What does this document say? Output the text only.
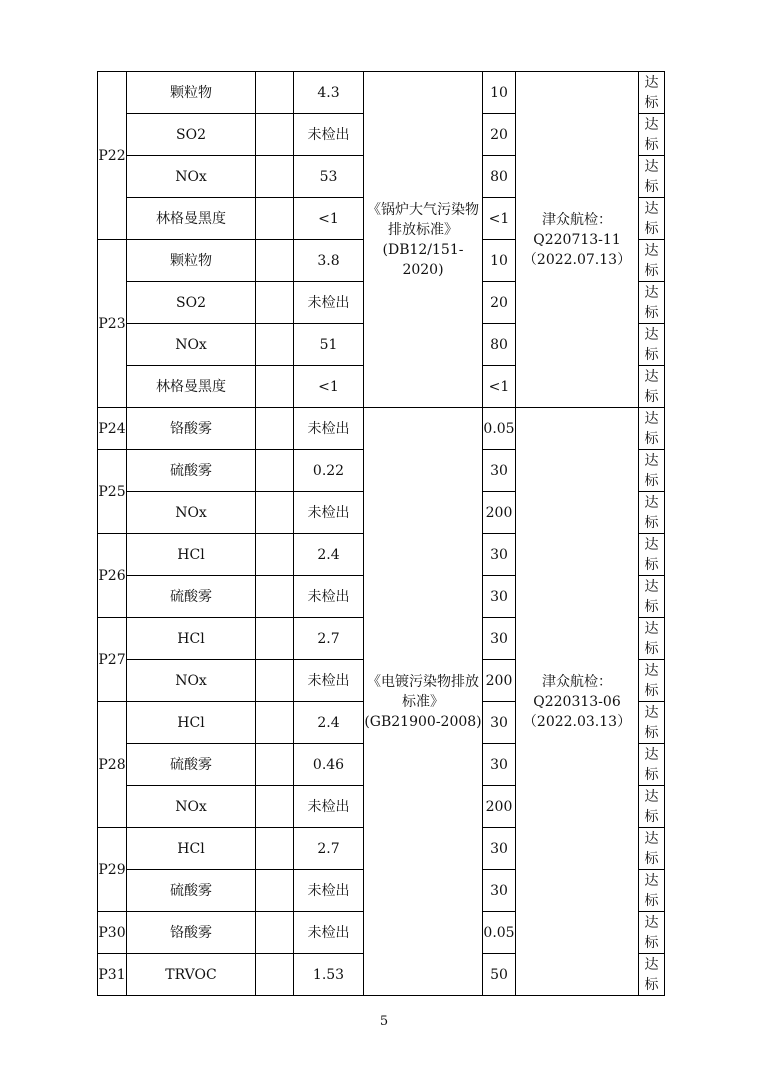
P22	颗粒物		4.3	《锅炉大气污染物排放标准》(DB12/151-2020)	10	津众航检：Q220713-11（2022.07.13）	达标
	SO2		未检出		20		达标
	NOx		53		80		达标
	林格曼黑度		<1		<1		达标
P23	颗粒物		3.8		10		达标
	SO2		未检出		20		达标
	NOx		51		80		达标
	林格曼黑度		<1		<1		达标
P24	铬酸雾		未检出	《电镀污染物排放标准》(GB21900-2008)	0.05	津众航检：Q220313-06（2022.03.13）	达标
P25	硫酸雾		0.22		30		达标
	NOx		未检出		200		达标
P26	HCl		2.4		30		达标
	硫酸雾		未检出		30		达标
P27	HCl		2.7		30		达标
	NOx		未检出		200		达标
P28	HCl		2.4		30		达标
	硫酸雾		0.46		30		达标
	NOx		未检出		200		达标
P29	HCl		2.7		30		达标
	硫酸雾		未检出		30		达标
P30	铬酸雾		未检出		0.05		达标
P31	TRVOC		1.53		50		达标
5
